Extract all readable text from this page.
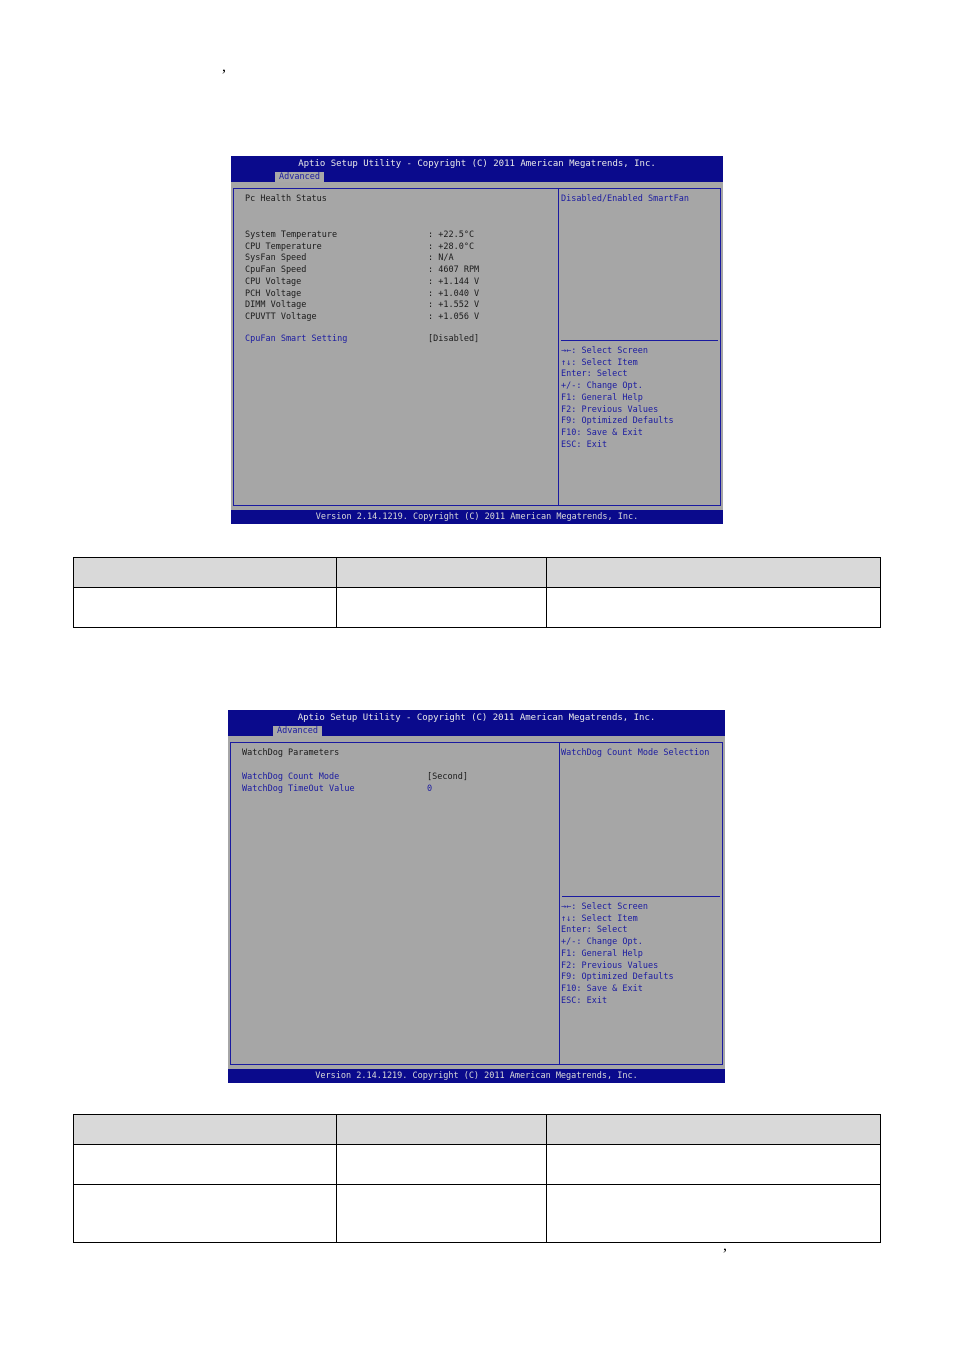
,
Aptio Setup Utility - Copyright (C) 2011 American Megatrends, Inc.
Advanced
Pc Health Status
System Temperature	: +22.5°C
CPU Temperature	: +28.0°C
SysFan Speed	: N/A
CpuFan Speed	: 4607 RPM
CPU Voltage	: +1.144 V
PCH Voltage	: +1.040 V
DIMM Voltage	: +1.552 V
CPUVTT Voltage	: +1.056 V
CpuFan Smart Setting	[Disabled]
Disabled/Enabled SmartFan
→←: Select Screen
↑↓: Select Item
Enter: Select
+/-: Change Opt.
F1: General Help
F2: Previous Values
F9: Optimized Defaults
F10: Save & Exit
ESC: Exit
Version 2.14.1219. Copyright (C) 2011 American Megatrends, Inc.

Aptio Setup Utility - Copyright (C) 2011 American Megatrends, Inc.
Advanced
WatchDog Parameters
WatchDog Count Mode	[Second]
WatchDog TimeOut Value	0
WatchDog Count Mode Selection
→←: Select Screen
↑↓: Select Item
Enter: Select
+/-: Change Opt.
F1: General Help
F2: Previous Values
F9: Optimized Defaults
F10: Save & Exit
ESC: Exit
Version 2.14.1219. Copyright (C) 2011 American Megatrends, Inc.

,
